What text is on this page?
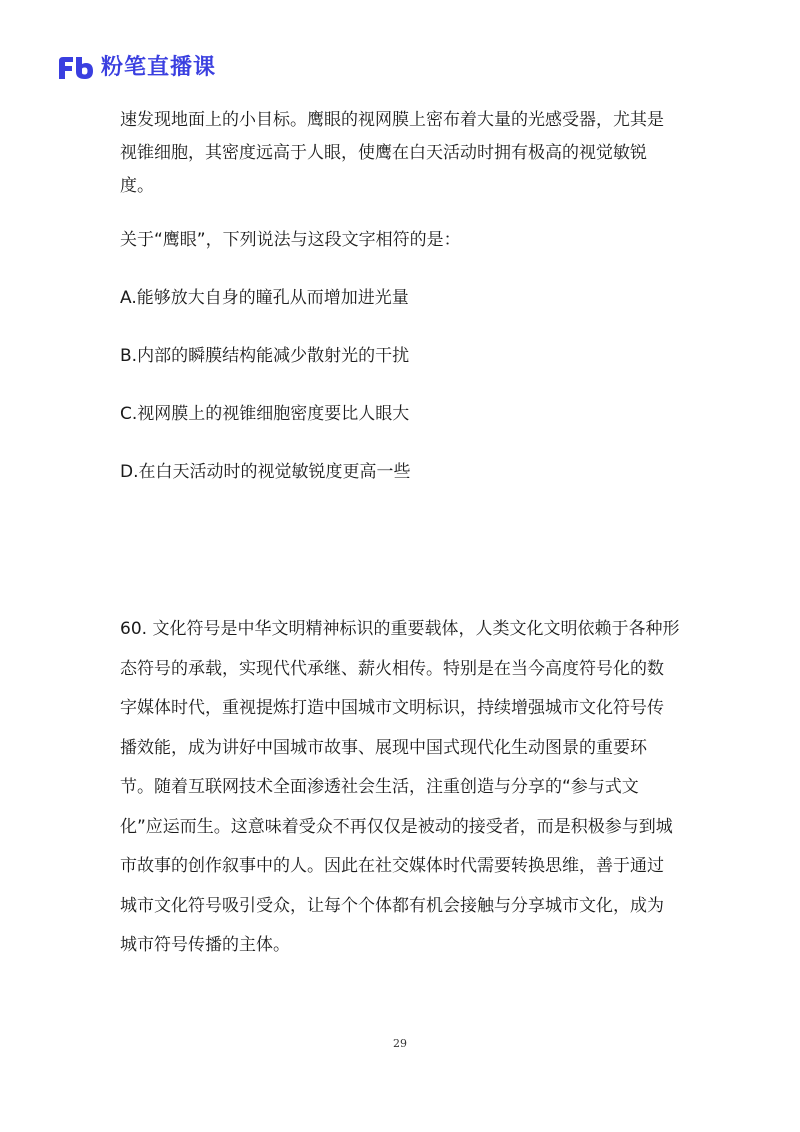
粉笔直播课

速发现地面上的小目标。鹰眼的视网膜上密布着大量的光感受器，尤其是视锥细胞，其密度远高于人眼，使鹰在白天活动时拥有极高的视觉敏锐度。

关于“鹰眼”，下列说法与这段文字相符的是：

A.能够放大自身的瞳孔从而增加进光量

B.内部的瞬膜结构能减少散射光的干扰

C.视网膜上的视锥细胞密度要比人眼大

D.在白天活动时的视觉敏锐度更高一些

60. 文化符号是中华文明精神标识的重要载体，人类文化文明依赖于各种形态符号的承载，实现代代承继、薪火相传。特别是在当今高度符号化的数字媒体时代，重视提炼打造中国城市文明标识，持续增强城市文化符号传播效能，成为讲好中国城市故事、展现中国式现代化生动图景的重要环节。随着互联网技术全面渗透社会生活，注重创造与分享的“参与式文化”应运而生。这意味着受众不再仅仅是被动的接受者，而是积极参与到城市故事的创作叙事中的人。因此在社交媒体时代需要转换思维，善于通过城市文化符号吸引受众，让每个个体都有机会接触与分享城市文化，成为城市符号传播的主体。

29
